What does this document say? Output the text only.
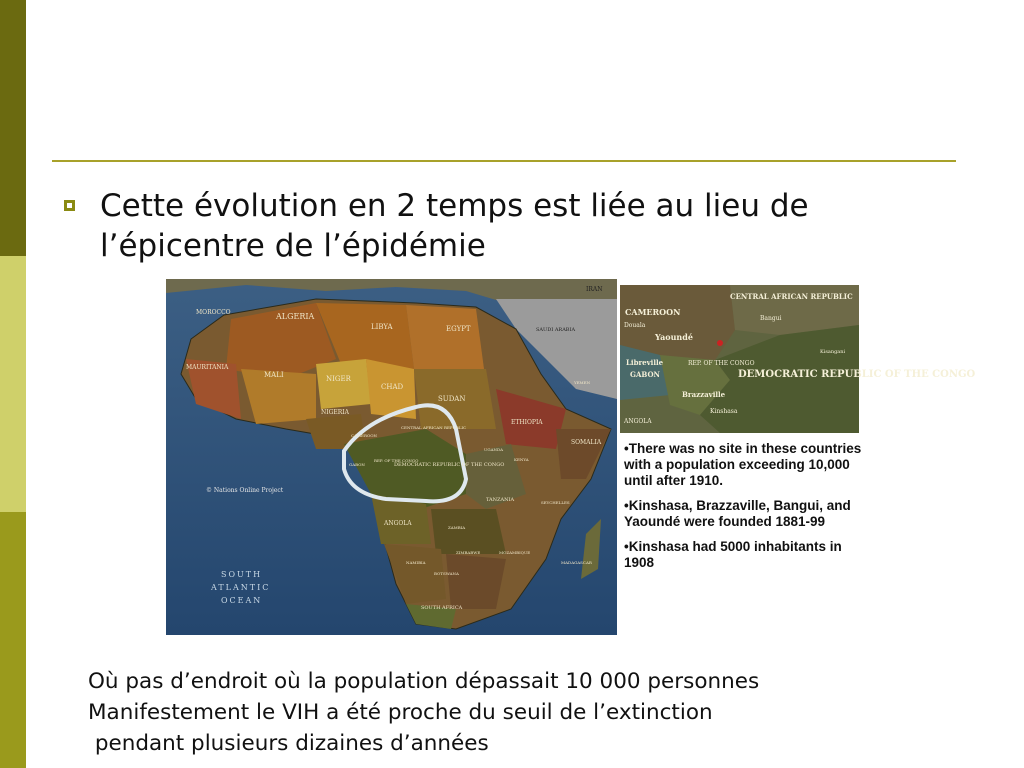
Cette évolution en 2 temps est liée au lieu de l’épicentre de l’épidémie
ALGERIA
MOROCCO
LIBYA	EGYPT
MAURITANIA
MALI	NIGER
CHAD
SUDAN
NIGERIA
ETHIOPIA
SOMALIA
CENTRAL AFRICAN REPUBLIC
CAMEROON
GABON
REP. OF THE CONGO
DEMOCRATIC REPUBLIC OF THE CONGO
UGANDA
KENYA
TANZANIA
ANGOLA
ZAMBIA
ZIMBABWE	MOZAMBIQUE
NAMIBIA
BOTSWANA
SOUTH AFRICA
MADAGASCAR
SAUDI ARABIA
IRAN
YEMEN
SEYCHELLES
© Nations Online Project
SOUTH ATLANTIC OCEAN
CAMEROON
CENTRAL AFRICAN REPUBLIC
Bangui
Douala
Yaoundé
Libreville
GABON
REP. OF THE CONGO
Brazzaville
Kinshasa
DEMOCRATIC REPUBLIC OF THE CONGO
Kisangani
ANGOLA

•There was no site in these countries with a population exceeding 10,000 until after 1910.

•Kinshasa, Brazzaville, Bangui, and Yaoundé were founded 1881-99

•Kinshasa had 5000 inhabitants in 1908

Où pas d’endroit où la population dépassait 10 000 personnes
Manifestement le VIH a été proche du seuil de l’extinction
pendant plusieurs dizaines d’années
